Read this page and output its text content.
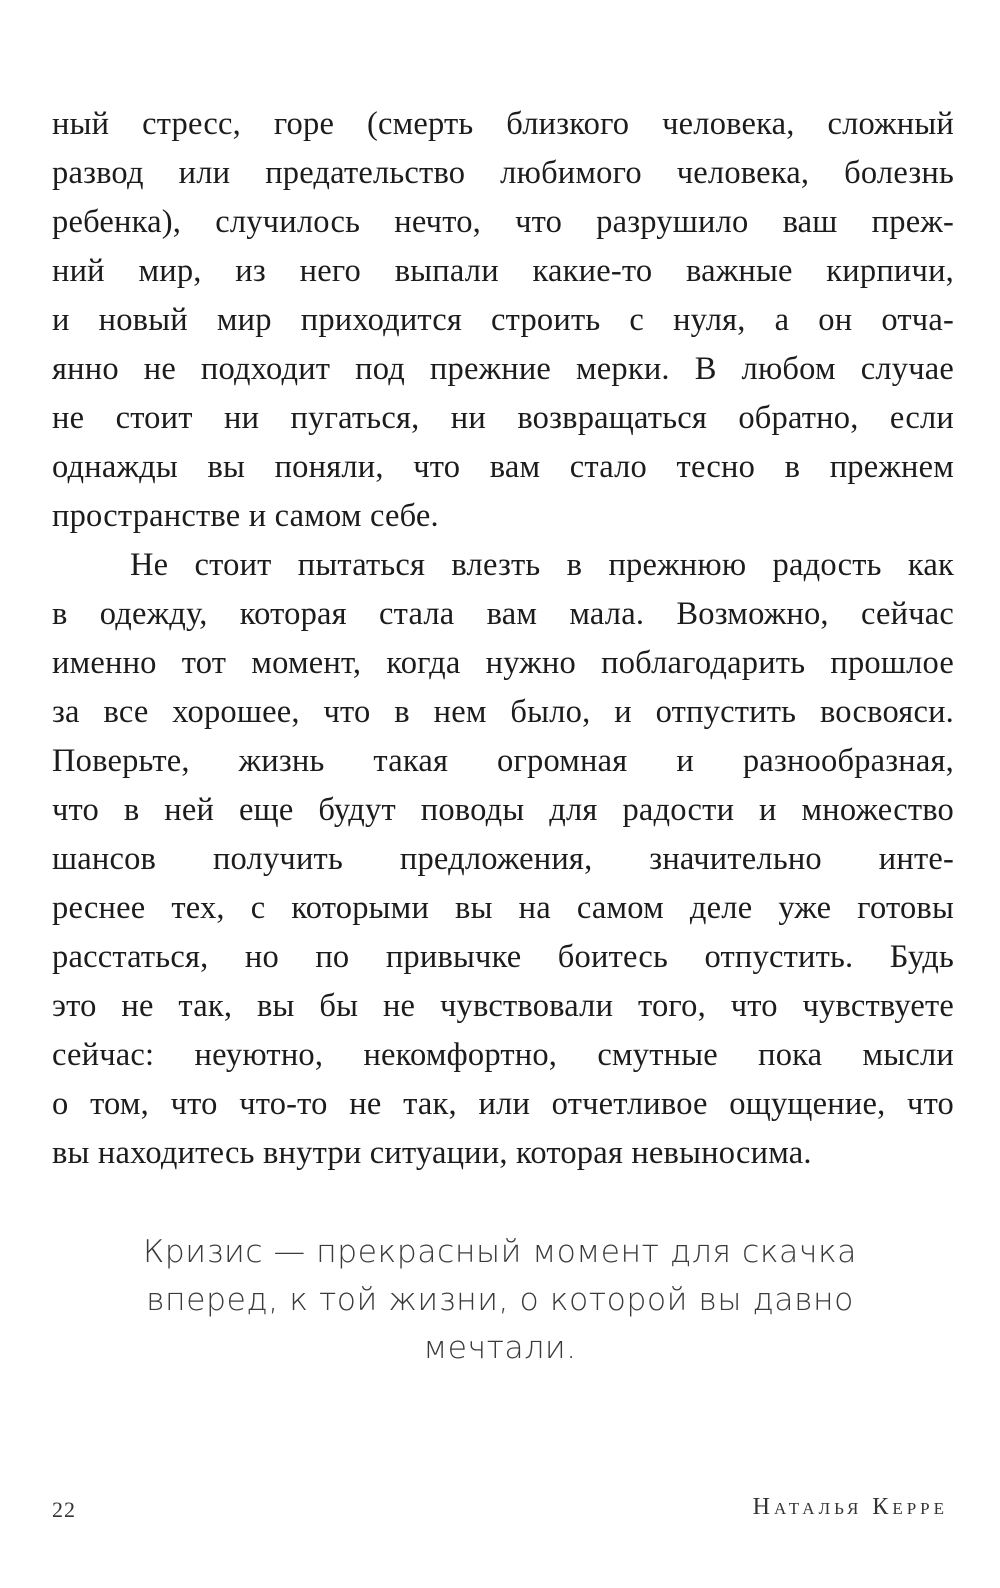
ный стресс, горе (смерть близкого человека, сложный
развод или предательство любимого человека, болезнь
ребенка), случилось нечто, что разрушило ваш преж-
ний мир, из него выпали какие-то важные кирпичи,
и новый мир приходится строить с нуля, а он отча-
янно не подходит под прежние мерки. В любом случае
не стоит ни пугаться, ни возвращаться обратно, если
однажды вы поняли, что вам стало тесно в прежнем
пространстве и самом себе.
Не стоит пытаться влезть в прежнюю радость как
в одежду, которая стала вам мала. Возможно, сейчас
именно тот момент, когда нужно поблагодарить прошлое
за все хорошее, что в нем было, и отпустить восвояси.
Поверьте, жизнь такая огромная и разнообразная,
что в ней еще будут поводы для радости и множество
шансов получить предложения, значительно инте-
реснее тех, с которыми вы на самом деле уже готовы
расстаться, но по привычке боитесь отпустить. Будь
это не так, вы бы не чувствовали того, что чувствуете
сейчас: неуютно, некомфортно, смутные пока мысли
о том, что что-то не так, или отчетливое ощущение, что
вы находитесь внутри ситуации, которая невыносима.
Кризис — прекрасный момент для скачка
вперед, к той жизни, о которой вы давно
мечтали.
22	Наталья Керре
